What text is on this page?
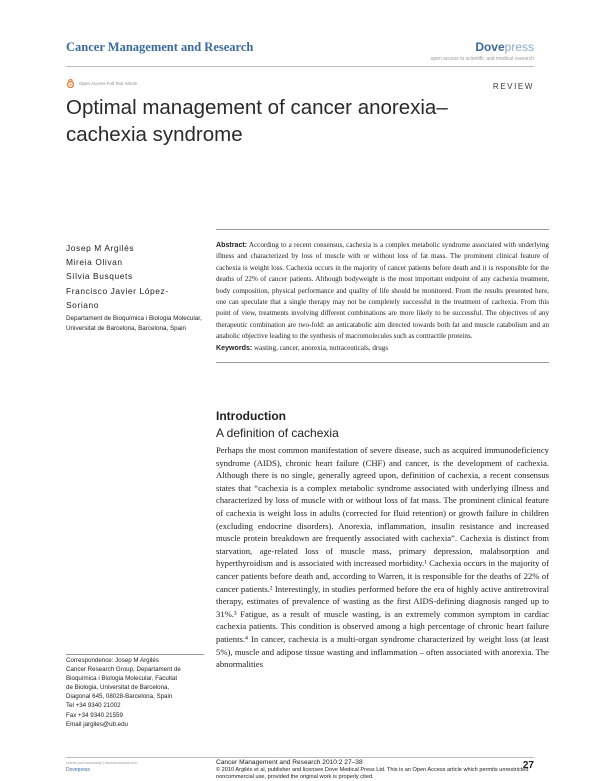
Cancer Management and Research	Dovepress
open access to scientific and medical research
Open Access Full Text Article	REVIEW
Optimal management of cancer anorexia–cachexia syndrome
Josep M Argilés
Mireia Olivan
Sílvia Busquets
Francisco Javier López-Soriano
Departament de Bioquímica i Biologia Molecular, Universitat de Barcelona, Barcelona, Spain

Abstract: According to a recent consensus, cachexia is a complex metabolic syndrome associated with underlying illness and characterized by loss of muscle with or without loss of fat mass. The prominent clinical feature of cachexia is weight loss. Cachexia occurs in the majority of cancer patients before death and it is responsible for the deaths of 22% of cancer patients. Although bodyweight is the most important endpoint of any cachexia treatment, body composition, physical performance and quality of life should be monitored. From the results presented here, one can speculate that a single therapy may not be completely successful in the treatment of cachexia. From this point of view, treatments involving different combinations are more likely to be successful. The objectives of any therapeutic combination are two-fold: an anticatabolic aim directed towards both fat and muscle catabolism and an anabolic objective leading to the synthesis of macromolecules such as contractile proteins.

Keywords: wasting, cancer, anorexia, nutraceuticals, drugs

Introduction
A definition of cachexia

Perhaps the most common manifestation of severe disease, such as acquired immunodeficiency syndrome (AIDS), chronic heart failure (CHF) and cancer, is the development of cachexia. Although there is no single, generally agreed upon, definition of cachexia, a recent consensus states that “cachexia is a complex metabolic syndrome associated with underlying illness and characterized by loss of muscle with or without loss of fat mass. The prominent clinical feature of cachexia is weight loss in adults (corrected for fluid retention) or growth failure in children (excluding endocrine disorders). Anorexia, inflammation, insulin resistance and increased muscle protein breakdown are frequently associated with cachexia”. Cachexia is distinct from starvation, age-related loss of muscle mass, primary depression, malabsorption and hyperthyroidism and is associated with increased morbidity.¹ Cachexia occurs in the majority of cancer patients before death and, according to Warren, it is responsible for the deaths of 22% of cancer patients.² Interestingly, in studies performed before the era of highly active antiretroviral therapy, estimates of prevalence of wasting as the first AIDS-defining diagnosis ranged up to 31%.³ Fatigue, as a result of muscle wasting, is an extremely common symptom in cardiac cachexia patients. This condition is observed among a high percentage of chronic heart failure patients.⁴ In cancer, cachexia is a multi-organ syndrome characterized by weight loss (at least 5%), muscle and adipose tissue wasting and inflammation – often associated with anorexia. The abnormalities

Correspondence: Josep M Argilés
Cancer Research Group, Departament de
Bioquímica i Biologia Molecular, Facultat
de Biologia, Universitat de Barcelona,
Diagonal 645, 08028-Barcelona, Spain
Tel +34 9340 21002
Fax +34 9340 21559
Email jargiles@ub.edu
submit your manuscript | www.dovepress.com
Dovepress
Cancer Management and Research 2010:2 27–38
© 2010 Argilés et al, publisher and licensee Dove Medical Press Ltd. This is an Open Access article which permits unrestricted noncommercial use, provided the original work is properly cited.
27
